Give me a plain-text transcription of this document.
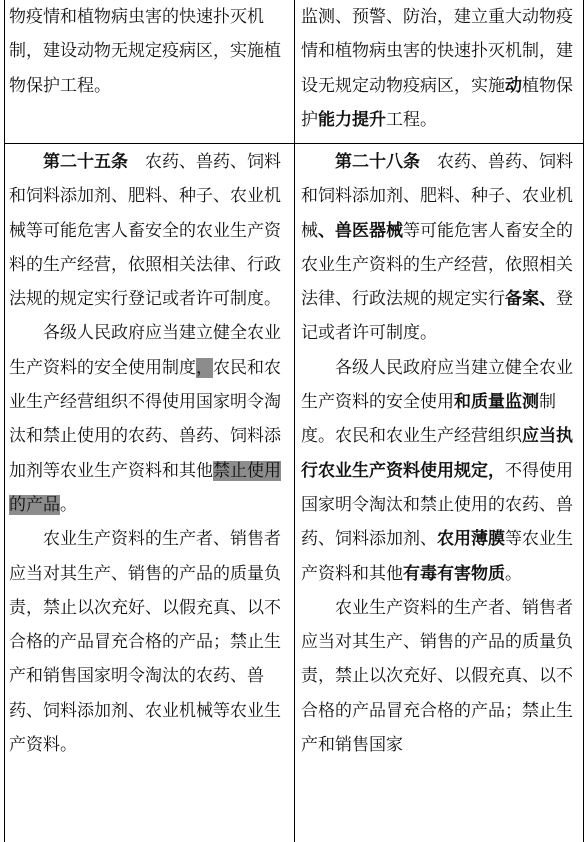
物疫情和植物病虫害的快速扑灭机制，建设动物无规定疫病区，实施植物保护工程。

监测、预警、防治，建立重大动物疫情和植物病虫害的快速扑灭机制，建设无规定动物疫病区，实施动植物保护能力提升工程。

第二十五条　农药、兽药、饲料和饲料添加剂、肥料、种子、农业机械等可能危害人畜安全的农业生产资料的生产经营，依照相关法律、行政法规的规定实行登记或者许可制度。

各级人民政府应当建立健全农业生产资料的安全使用制度，农民和农业生产经营组织不得使用国家明令淘汰和禁止使用的农药、兽药、饲料添加剂等农业生产资料和其他禁止使用的产品。

农业生产资料的生产者、销售者应当对其生产、销售的产品的质量负责，禁止以次充好、以假充真、以不合格的产品冒充合格的产品；禁止生产和销售国家明令淘汰的农药、兽药、饲料添加剂、农业机械等农业生产资料。

第二十八条　农药、兽药、饲料和饲料添加剂、肥料、种子、农业机械、兽医器械等可能危害人畜安全的农业生产资料的生产经营，依照相关法律、行政法规的规定实行备案、登记或者许可制度。

各级人民政府应当建立健全农业生产资料的安全使用和质量监测制度。农民和农业生产经营组织应当执行农业生产资料使用规定，不得使用国家明令淘汰和禁止使用的农药、兽药、饲料添加剂、农用薄膜等农业生产资料和其他有毒有害物质。

农业生产资料的生产者、销售者应当对其生产、销售的产品的质量负责，禁止以次充好、以假充真、以不合格的产品冒充合格的产品；禁止生产和销售国家
